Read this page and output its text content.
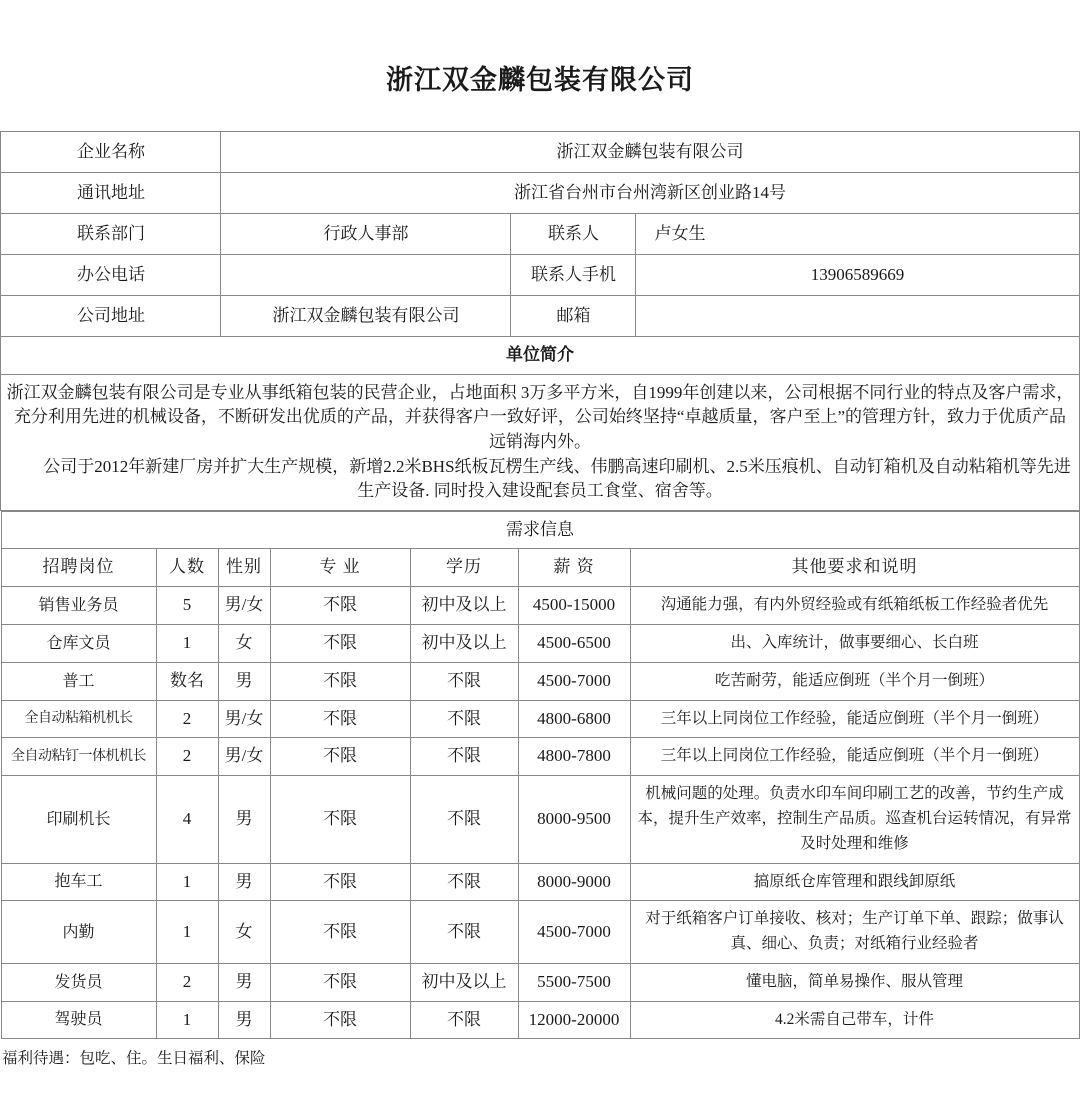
浙江双金麟包装有限公司
企业名称	浙江双金麟包装有限公司		
通讯地址	浙江省台州市台州湾新区创业路14号		
联系部门	行政人事部	联系人	卢女生
办公电话		联系人手机	13906589669
公司地址	浙江双金麟包装有限公司	邮箱	
单位简介			

浙江双金麟包装有限公司是专业从事纸箱包装的民营企业，占地面积 3万多平方米，自1999年创建以来，公司根据不同行业的特点及客户需求，充分利用先进的机械设备，不断研发出优质的产品，并获得客户一致好评，公司始终坚持“卓越质量，客户至上”的管理方针，致力于优质产品远销海内外。

公司于2012年新建厂房并扩大生产规模，新增2.2米BHS纸板瓦楞生产线、伟鹏高速印刷机、2.5米压痕机、自动钉箱机及自动粘箱机等先进生产设备. 同时投入建设配套员工食堂、宿舍等。			

需求信息						
招聘岗位	人数	性别	专 业	学历	薪 资	其他要求和说明
销售业务员	5	男/女	不限	初中及以上	4500-15000	沟通能力强，有内外贸经验或有纸箱纸板工作经验者优先
仓库文员	1	女	不限	初中及以上	4500-6500	出、入库统计，做事要细心、长白班
普工	数名	男	不限	不限	4500-7000	吃苦耐劳，能适应倒班（半个月一倒班）
全自动粘箱机机长	2	男/女	不限	不限	4800-6800	三年以上同岗位工作经验，能适应倒班（半个月一倒班）
全自动粘钉一体机机长	2	男/女	不限	不限	4800-7800	三年以上同岗位工作经验，能适应倒班（半个月一倒班）
印刷机长	4	男	不限	不限	8000-9500	机械问题的处理。负责水印车间印刷工艺的改善，节约生产成本，提升生产效率，控制生产品质。巡查机台运转情况，有异常及时处理和维修
抱车工	1	男	不限	不限	8000-9000	搞原纸仓库管理和跟线卸原纸
内勤	1	女	不限	不限	4500-7000	对于纸箱客户订单接收、核对；生产订单下单、跟踪；做事认真、细心、负责；对纸箱行业经验者
发货员	2	男	不限	初中及以上	5500-7500	懂电脑，简单易操作、服从管理
驾驶员	1	男	不限	不限	12000-20000	4.2米需自己带车，计件
福利待遇：包吃、住。生日福利、保险
